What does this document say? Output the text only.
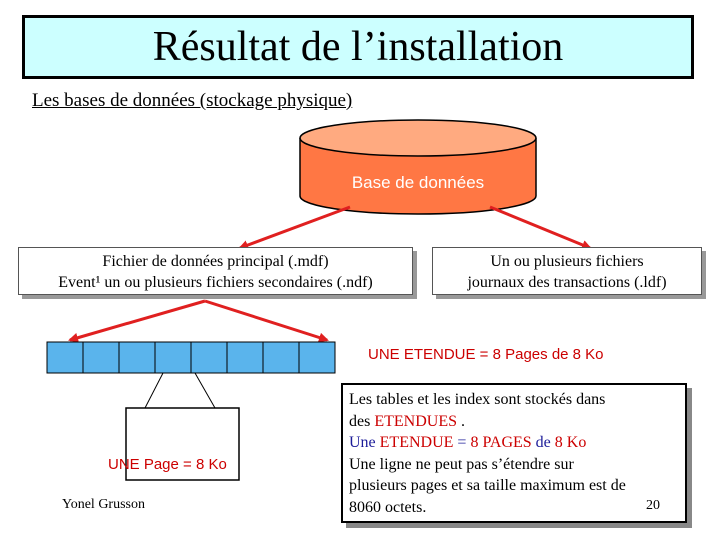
Résultat de l’installation
Les bases de données (stockage physique)
Base de données
Fichier de données principal (.mdf)
Event¹ un ou plusieurs fichiers secondaires (.ndf)
Un ou plusieurs fichiers
journaux des transactions (.ldf)
UNE ETENDUE = 8 Pages de 8 Ko
UNE Page = 8 Ko
Yonel Grusson
Les tables et les index sont stockés dans
des ETENDUES .
Une ETENDUE = 8 PAGES de 8 Ko
Une ligne ne peut pas s’étendre sur
plusieurs pages et sa taille maximum est de
8060 octets.	20
